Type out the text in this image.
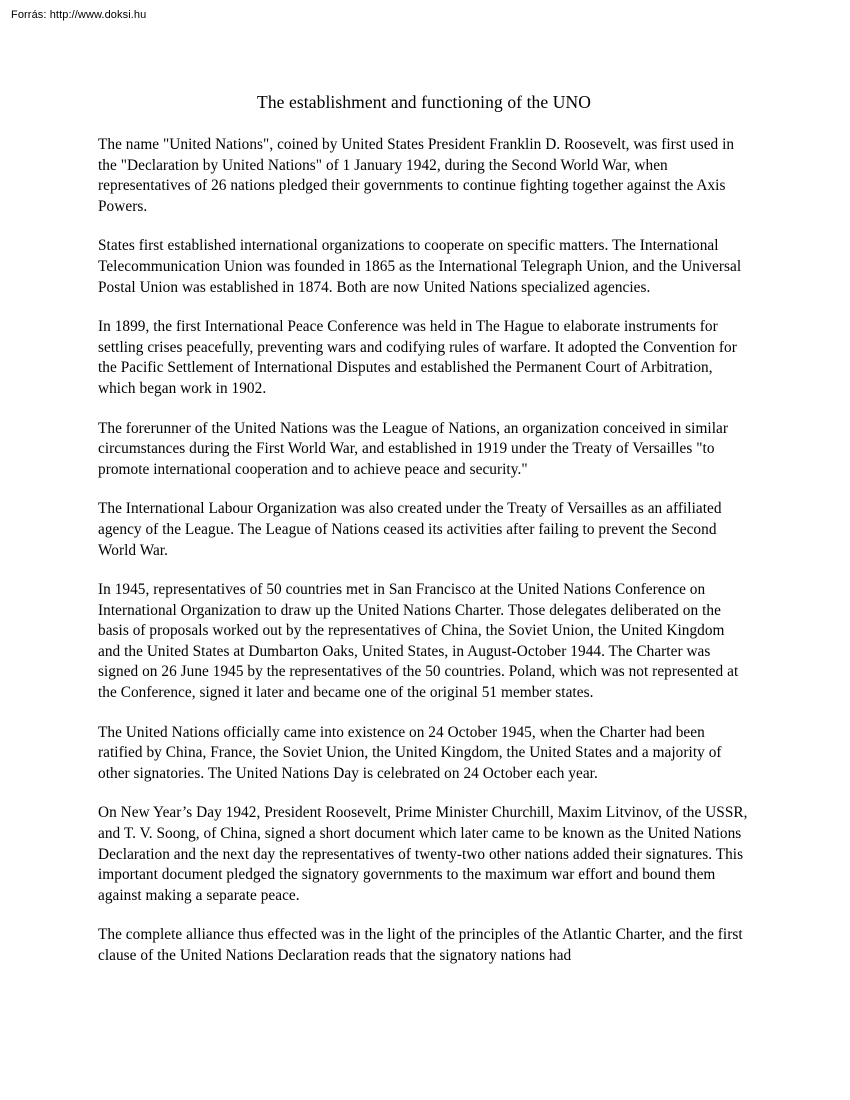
Forrás: http://www.doksi.hu
The establishment and functioning of the UNO

The name "United Nations", coined by United States President Franklin D. Roosevelt, was first used in the "Declaration by United Nations" of 1 January 1942, during the Second World War, when representatives of 26 nations pledged their governments to continue fighting together against the Axis Powers.

States first established international organizations to cooperate on specific matters. The International Telecommunication Union was founded in 1865 as the International Telegraph Union, and the Universal Postal Union was established in 1874. Both are now United Nations specialized agencies.

In 1899, the first International Peace Conference was held in The Hague to elaborate instruments for settling crises peacefully, preventing wars and codifying rules of warfare. It adopted the Convention for the Pacific Settlement of International Disputes and established the Permanent Court of Arbitration, which began work in 1902.

The forerunner of the United Nations was the League of Nations, an organization conceived in similar circumstances during the First World War, and established in 1919 under the Treaty of Versailles "to promote international cooperation and to achieve peace and security."

The International Labour Organization was also created under the Treaty of Versailles as an affiliated agency of the League. The League of Nations ceased its activities after failing to prevent the Second World War.

In 1945, representatives of 50 countries met in San Francisco at the United Nations Conference on International Organization to draw up the United Nations Charter. Those delegates deliberated on the basis of proposals worked out by the representatives of China, the Soviet Union, the United Kingdom and the United States at Dumbarton Oaks, United States, in August-October 1944. The Charter was signed on 26 June 1945 by the representatives of the 50 countries. Poland, which was not represented at the Conference, signed it later and became one of the original 51 member states.

The United Nations officially came into existence on 24 October 1945, when the Charter had been ratified by China, France, the Soviet Union, the United Kingdom, the United States and a majority of other signatories. The United Nations Day is celebrated on 24 October each year.

On New Year’s Day 1942, President Roosevelt, Prime Minister Churchill, Maxim Litvinov, of the USSR, and T. V. Soong, of China, signed a short document which later came to be known as the United Nations Declaration and the next day the representatives of twenty-two other nations added their signatures. This important document pledged the signatory governments to the maximum war effort and bound them against making a separate peace.

The complete alliance thus effected was in the light of the principles of the Atlantic Charter, and the first clause of the United Nations Declaration reads that the signatory nations had
